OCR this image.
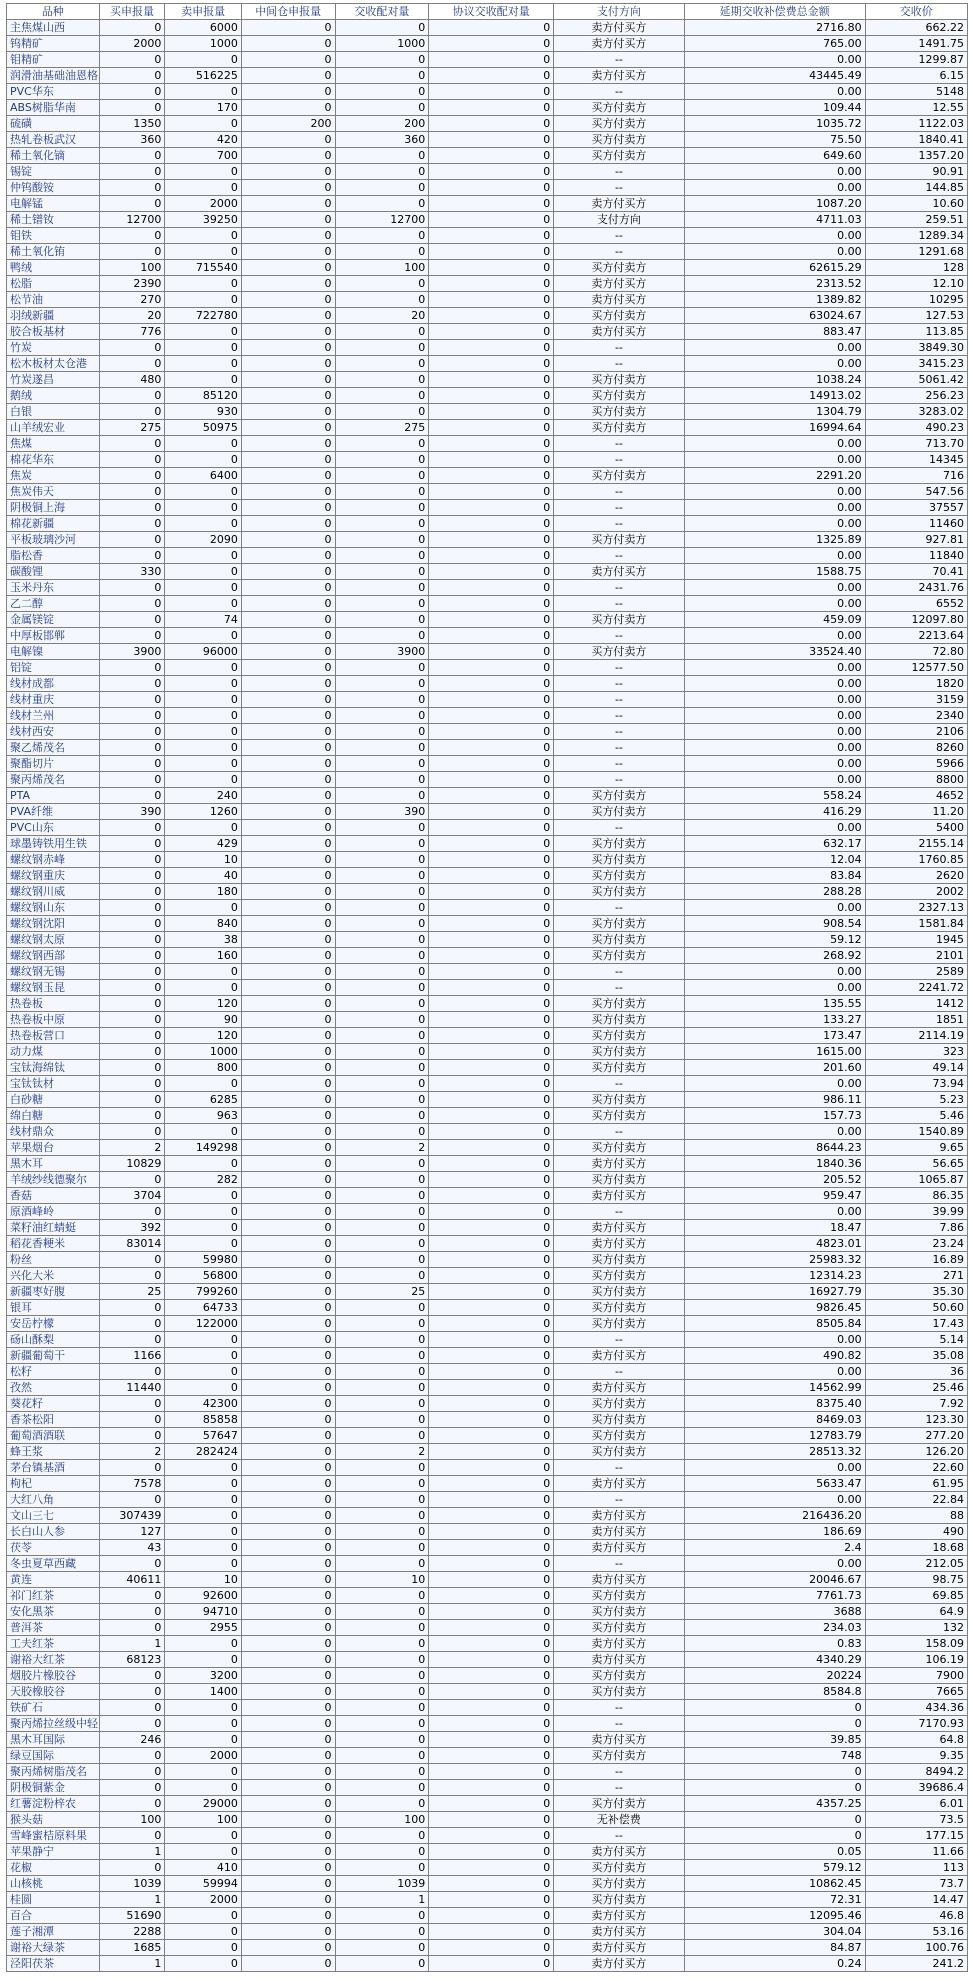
品种	买申报量	卖申报量	中间仓申报量	交收配对量	协议交收配对量	支付方向	延期交收补偿费总金额	交收价
主焦煤山西	0	6000	0	0	0	卖方付买方	2716.80	662.22
钨精矿	2000	1000	0	1000	0	卖方付买方	765.00	1491.75
钼精矿	0	0	0	0	0	--	0.00	1299.87
润滑油基础油恩格	0	516225	0	0	0	卖方付买方	43445.49	6.15
PVC华东	0	0	0	0	0	--	0.00	5148
ABS树脂华南	0	170	0	0	0	买方付卖方	109.44	12.55
硫磺	1350	0	200	200	0	买方付卖方	1035.72	1122.03
热轧卷板武汉	360	420	0	360	0	买方付卖方	75.50	1840.41
稀土氧化镝	0	700	0	0	0	买方付卖方	649.60	1357.20
锡锭	0	0	0	0	0	--	0.00	90.91
仲钨酸铵	0	0	0	0	0	--	0.00	144.85
电解锰	0	2000	0	0	0	卖方付买方	1087.20	10.60
稀土镨钕	12700	39250	0	12700	0	支付方向	4711.03	259.51
钼铁	0	0	0	0	0	--	0.00	1289.34
稀土氧化铕	0	0	0	0	0	--	0.00	1291.68
鸭绒	100	715540	0	100	0	买方付卖方	62615.29	128
松脂	2390	0	0	0	0	卖方付买方	2313.52	12.10
松节油	270	0	0	0	0	卖方付买方	1389.82	10295
羽绒新疆	20	722780	0	20	0	买方付卖方	63024.67	127.53
胶合板基材	776	0	0	0	0	卖方付买方	883.47	113.85
竹炭	0	0	0	0	0	--	0.00	3849.30
松木板材太仓港	0	0	0	0	0	--	0.00	3415.23
竹炭遂昌	480	0	0	0	0	买方付卖方	1038.24	5061.42
鹅绒	0	85120	0	0	0	买方付卖方	14913.02	256.23
白银	0	930	0	0	0	买方付卖方	1304.79	3283.02
山羊绒宏业	275	50975	0	275	0	买方付卖方	16994.64	490.23
焦煤	0	0	0	0	0	--	0.00	713.70
棉花华东	0	0	0	0	0	--	0.00	14345
焦炭	0	6400	0	0	0	买方付卖方	2291.20	716
焦炭伟天	0	0	0	0	0	--	0.00	547.56
阴极铜上海	0	0	0	0	0	--	0.00	37557
棉花新疆	0	0	0	0	0	--	0.00	11460
平板玻璃沙河	0	2090	0	0	0	买方付卖方	1325.89	927.81
脂松香	0	0	0	0	0	--	0.00	11840
碳酸锂	330	0	0	0	0	卖方付买方	1588.75	70.41
玉米丹东	0	0	0	0	0	--	0.00	2431.76
乙二醇	0	0	0	0	0	--	0.00	6552
金属镁锭	0	74	0	0	0	买方付卖方	459.09	12097.80
中厚板邯郸	0	0	0	0	0	--	0.00	2213.64
电解镍	3900	96000	0	3900	0	买方付卖方	33524.40	72.80
铝锭	0	0	0	0	0	--	0.00	12577.50
线材成都	0	0	0	0	0	--	0.00	1820
线材重庆	0	0	0	0	0	--	0.00	3159
线材兰州	0	0	0	0	0	--	0.00	2340
线材西安	0	0	0	0	0	--	0.00	2106
聚乙烯茂名	0	0	0	0	0	--	0.00	8260
聚酯切片	0	0	0	0	0	--	0.00	5966
聚丙烯茂名	0	0	0	0	0	--	0.00	8800
PTA	0	240	0	0	0	买方付卖方	558.24	4652
PVA纤维	390	1260	0	390	0	买方付卖方	416.29	11.20
PVC山东	0	0	0	0	0	--	0.00	5400
球墨铸铁用生铁	0	429	0	0	0	买方付卖方	632.17	2155.14
螺纹钢赤峰	0	10	0	0	0	买方付卖方	12.04	1760.85
螺纹钢重庆	0	40	0	0	0	买方付卖方	83.84	2620
螺纹钢川威	0	180	0	0	0	买方付卖方	288.28	2002
螺纹钢山东	0	0	0	0	0	--	0.00	2327.13
螺纹钢沈阳	0	840	0	0	0	买方付卖方	908.54	1581.84
螺纹钢太原	0	38	0	0	0	买方付卖方	59.12	1945
螺纹钢西部	0	160	0	0	0	买方付卖方	268.92	2101
螺纹钢无锡	0	0	0	0	0	--	0.00	2589
螺纹钢玉昆	0	0	0	0	0	--	0.00	2241.72
热卷板	0	120	0	0	0	买方付卖方	135.55	1412
热卷板中原	0	90	0	0	0	买方付卖方	133.27	1851
热卷板营口	0	120	0	0	0	买方付卖方	173.47	2114.19
动力煤	0	1000	0	0	0	买方付卖方	1615.00	323
宝钛海绵钛	0	800	0	0	0	买方付卖方	201.60	49.14
宝钛钛材	0	0	0	0	0	--	0.00	73.94
白砂糖	0	6285	0	0	0	买方付卖方	986.11	5.23
绵白糖	0	963	0	0	0	买方付卖方	157.73	5.46
线材鼎众	0	0	0	0	0	--	0.00	1540.89
苹果烟台	2	149298	0	2	0	买方付卖方	8644.23	9.65
黑木耳	10829	0	0	0	0	卖方付买方	1840.36	56.65
羊绒纱线德聚尔	0	282	0	0	0	买方付卖方	205.52	1065.87
香菇	3704	0	0	0	0	卖方付买方	959.47	86.35
原酒峰岭	0	0	0	0	0	--	0.00	39.99
菜籽油红蜻蜓	392	0	0	0	0	卖方付买方	18.47	7.86
稻花香粳米	83014	0	0	0	0	卖方付买方	4823.01	23.24
粉丝	0	59980	0	0	0	买方付卖方	25983.32	16.89
兴化大米	0	56800	0	0	0	买方付卖方	12314.23	271
新疆枣好腹	25	799260	0	25	0	买方付卖方	16927.79	35.30
银耳	0	64733	0	0	0	买方付卖方	9826.45	50.60
安岳柠檬	0	122000	0	0	0	买方付卖方	8505.84	17.43
砀山酥梨	0	0	0	0	0	--	0.00	5.14
新疆葡萄干	1166	0	0	0	0	卖方付买方	490.82	35.08
松籽	0	0	0	0	0	--	0.00	36
孜然	11440	0	0	0	0	卖方付买方	14562.99	25.46
葵花籽	0	42300	0	0	0	买方付卖方	8375.40	7.92
香茶松阳	0	85858	0	0	0	买方付卖方	8469.03	123.30
葡萄酒酒联	0	57647	0	0	0	买方付卖方	12783.79	277.20
蜂王浆	2	282424	0	2	0	买方付卖方	28513.32	126.20
茅台镇基酒	0	0	0	0	0	--	0.00	22.60
枸杞	7578	0	0	0	0	卖方付买方	5633.47	61.95
大红八角	0	0	0	0	0	--	0.00	22.84
文山三七	307439	0	0	0	0	卖方付买方	216436.20	88
长白山人参	127	0	0	0	0	卖方付买方	186.69	490
茯苓	43	0	0	0	0	卖方付买方	2.4	18.68
冬虫夏草西藏	0	0	0	0	0	--	0.00	212.05
黄连	40611	10	0	10	0	卖方付买方	20046.67	98.75
祁门红茶	0	92600	0	0	0	买方付卖方	7761.73	69.85
安化黑茶	0	94710	0	0	0	买方付卖方	3688	64.9
普洱茶	0	2955	0	0	0	买方付卖方	234.03	132
工夫红茶	1	0	0	0	0	卖方付买方	0.83	158.09
谢裕大红茶	68123	0	0	0	0	卖方付买方	4340.29	106.19
烟胶片橡胶谷	0	3200	0	0	0	买方付卖方	20224	7900
天胶橡胶谷	0	1400	0	0	0	买方付卖方	8584.8	7665
铁矿石	0	0	0	0	0	--	0	434.36
聚丙烯拉丝级中轻	0	0	0	0	0	--	0	7170.93
黑木耳国际	246	0	0	0	0	卖方付买方	39.85	64.8
绿豆国际	0	2000	0	0	0	买方付卖方	748	9.35
聚丙烯树脂茂名	0	0	0	0	0	--	0	8494.2
阴极铜紫金	0	0	0	0	0	--	0	39686.4
红薯淀粉梓农	0	29000	0	0	0	买方付卖方	4357.25	6.01
猴头菇	100	100	0	100	0	无补偿费	0	73.5
雪峰蜜桔原料果	0	0	0	0	0	--	0	177.15
苹果静宁	1	0	0	0	0	卖方付买方	0.05	11.66
花椒	0	410	0	0	0	买方付卖方	579.12	113
山核桃	1039	59994	0	1039	0	买方付卖方	10862.45	73.7
桂圆	1	2000	0	1	0	买方付卖方	72.31	14.47
百合	51690	0	0	0	0	卖方付买方	12095.46	46.8
莲子湘潭	2288	0	0	0	0	卖方付买方	304.04	53.16
谢裕大绿茶	1685	0	0	0	0	卖方付买方	84.87	100.76
泾阳茯茶	1	0	0	0	0	卖方付买方	0.24	241.2
